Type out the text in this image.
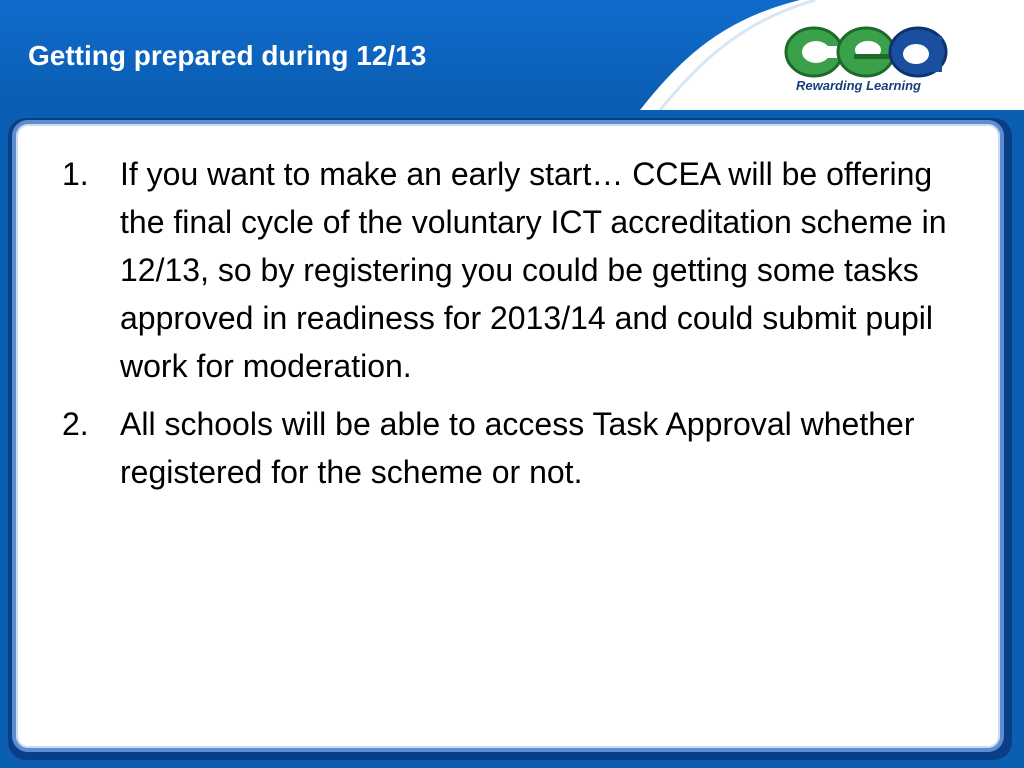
Getting prepared during 12/13
Rewarding Learning
1. If you want to make an early start… CCEA will be offering the final cycle of the voluntary ICT accreditation scheme in 12/13, so by registering you could be getting some tasks approved in readiness for 2013/14 and could submit pupil work for moderation.
2. All schools will be able to access Task Approval whether registered for the scheme or not.
